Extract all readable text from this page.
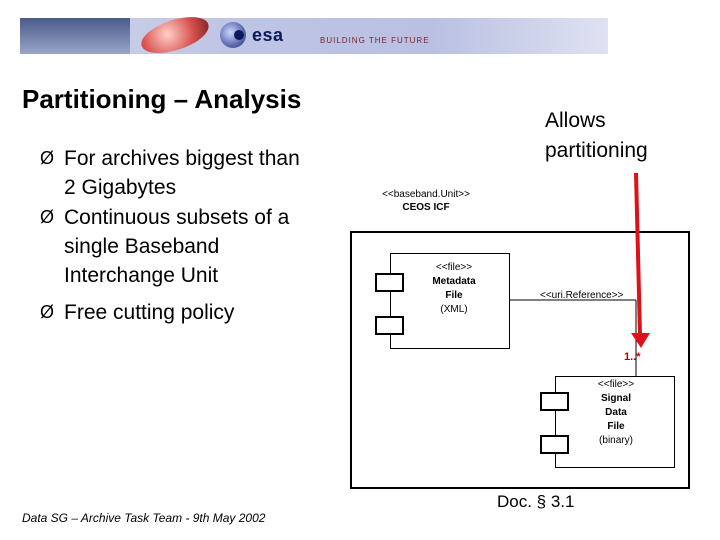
esa	BUILDING THE FUTURE
Partitioning – Analysis
Ø For archives biggest than
2 Gigabytes
Ø Continuous subsets of a
single Baseband
Interchange Unit
Ø Free cutting policy
Allows
partitioning
<<baseband.Unit>>
CEOS ICF
<<file>>
Metadata
File
(XML)
<<file>>
Signal
Data
File
(binary)
<<uri.Reference>>
1..*
Doc. § 3.1
Data SG – Archive Task Team - 9th May 2002
